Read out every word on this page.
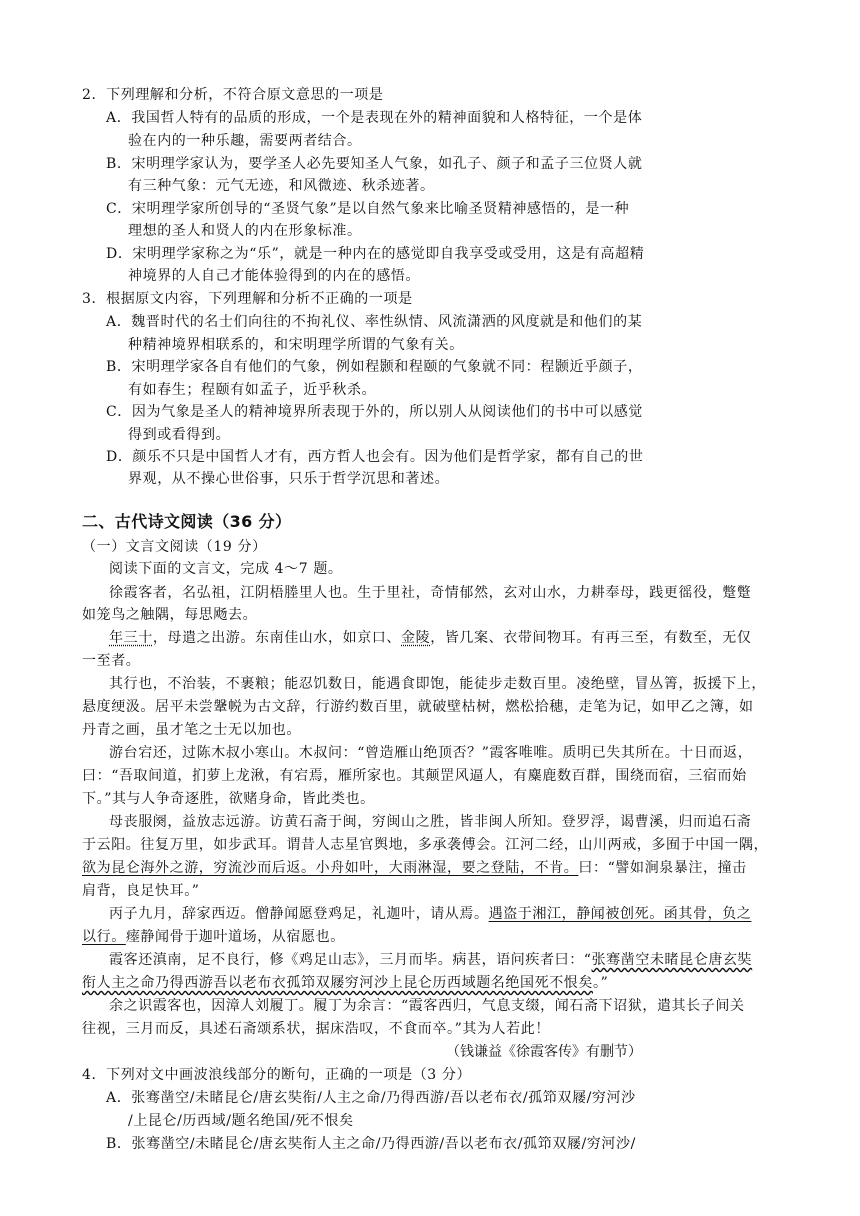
2．下列理解和分析，不符合原文意思的一项是
A．我国哲人特有的品质的形成，一个是表现在外的精神面貌和人格特征，一个是体
验在内的一种乐趣，需要两者结合。
B．宋明理学家认为，要学圣人必先要知圣人气象，如孔子、颜子和孟子三位贤人就
有三种气象：元气无迹，和风微迹、秋杀迹著。
C．宋明理学家所创导的“圣贤气象”是以自然气象来比喻圣贤精神感悟的，是一种
理想的圣人和贤人的内在形象标准。
D．宋明理学家称之为“乐”，就是一种内在的感觉即自我享受或受用，这是有高超精
神境界的人自己才能体验得到的内在的感悟。
3．根据原文内容，下列理解和分析不正确的一项是
A．魏晋时代的名士们向往的不拘礼仪、率性纵情、风流潇洒的风度就是和他们的某
种精神境界相联系的，和宋明理学所谓的气象有关。
B．宋明理学家各自有他们的气象，例如程颢和程颐的气象就不同：程颢近乎颜子，
有如春生；程颐有如孟子，近乎秋杀。
C．因为气象是圣人的精神境界所表现于外的，所以别人从阅读他们的书中可以感觉
得到或看得到。
D．颜乐不只是中国哲人才有，西方哲人也会有。因为他们是哲学家，都有自己的世
界观，从不操心世俗事，只乐于哲学沉思和著述。
二、古代诗文阅读（36 分）
（一）文言文阅读（19 分）
阅读下面的文言文，完成 4～7 题。
徐霞客者，名弘祖，江阴梧塍里人也。生于里社，奇情郁然，玄对山水，力耕奉母，践更徭役，蹩蹩
如笼鸟之触隅，每思飏去。
年三十，母遣之出游。东南佳山水，如京口、金陵，皆几案、衣带间物耳。有再三至，有数至，无仅
一至者。
其行也，不治装，不裹粮；能忍饥数日，能遇食即饱，能徒步走数百里。凌绝壁，冒丛箐，扳援下上，
悬度绠汲。居平未尝鞶帨为古文辞，行游约数百里，就破壁枯树，燃松拾穗，走笔为记，如甲乙之簿，如
丹青之画，虽才笔之士无以加也。
游台宕还，过陈木叔小寒山。木叔问：“曾造雁山绝顶否？”霞客唯唯。质明已失其所在。十日而返，
曰：“吾取间道，扪萝上龙湫，有宕焉，雁所家也。其颠罡风逼人，有麋鹿数百群，围绕而宿，三宿而始
下。”其与人争奇逐胜，欲赌身命，皆此类也。
母丧服阕，益放志远游。访黄石斋于闽，穷闽山之胜，皆非闽人所知。登罗浮，谒曹溪，归而追石斋
于云阳。往复万里，如步武耳。谓昔人志星官舆地，多承袭傅会。江河二经，山川两戒，多囿于中国一隅，
欲为昆仑海外之游，穷流沙而后返。小舟如叶，大雨淋湿，要之登陆，不肯。曰：“譬如涧泉暴注，撞击
肩背，良足快耳。”
丙子九月，辞家西迈。僧静闻愿登鸡足，礼迦叶，请从焉。遇盗于湘江，静闻被创死。函其骨，负之
以行。瘗静闻骨于迦叶道场，从宿愿也。
霞客还滇南，足不良行，修《鸡足山志》，三月而毕。病甚，语问疾者曰：“张骞凿空未睹昆仑唐玄奘
衔人主之命乃得西游吾以老布衣孤笻双屦穷河沙上昆仑历西域题名绝国死不恨矣。”
余之识霞客也，因漳人刘履丁。履丁为余言：“霞客西归，气息支缀，闻石斋下诏狱，遣其长子间关
往视，三月而反，具述石斋颂系状，据床浩叹，不食而卒。”其为人若此！
（钱谦益《徐霞客传》有删节）
4．下列对文中画波浪线部分的断句，正确的一项是（3 分）
A．张骞凿空/未睹昆仑/唐玄奘衔/人主之命/乃得西游/吾以老布衣/孤笻双屦/穷河沙
/上昆仑/历西域/题名绝国/死不恨矣
B．张骞凿空/未睹昆仑/唐玄奘衔人主之命/乃得西游/吾以老布衣/孤笻双屦/穷河沙/
